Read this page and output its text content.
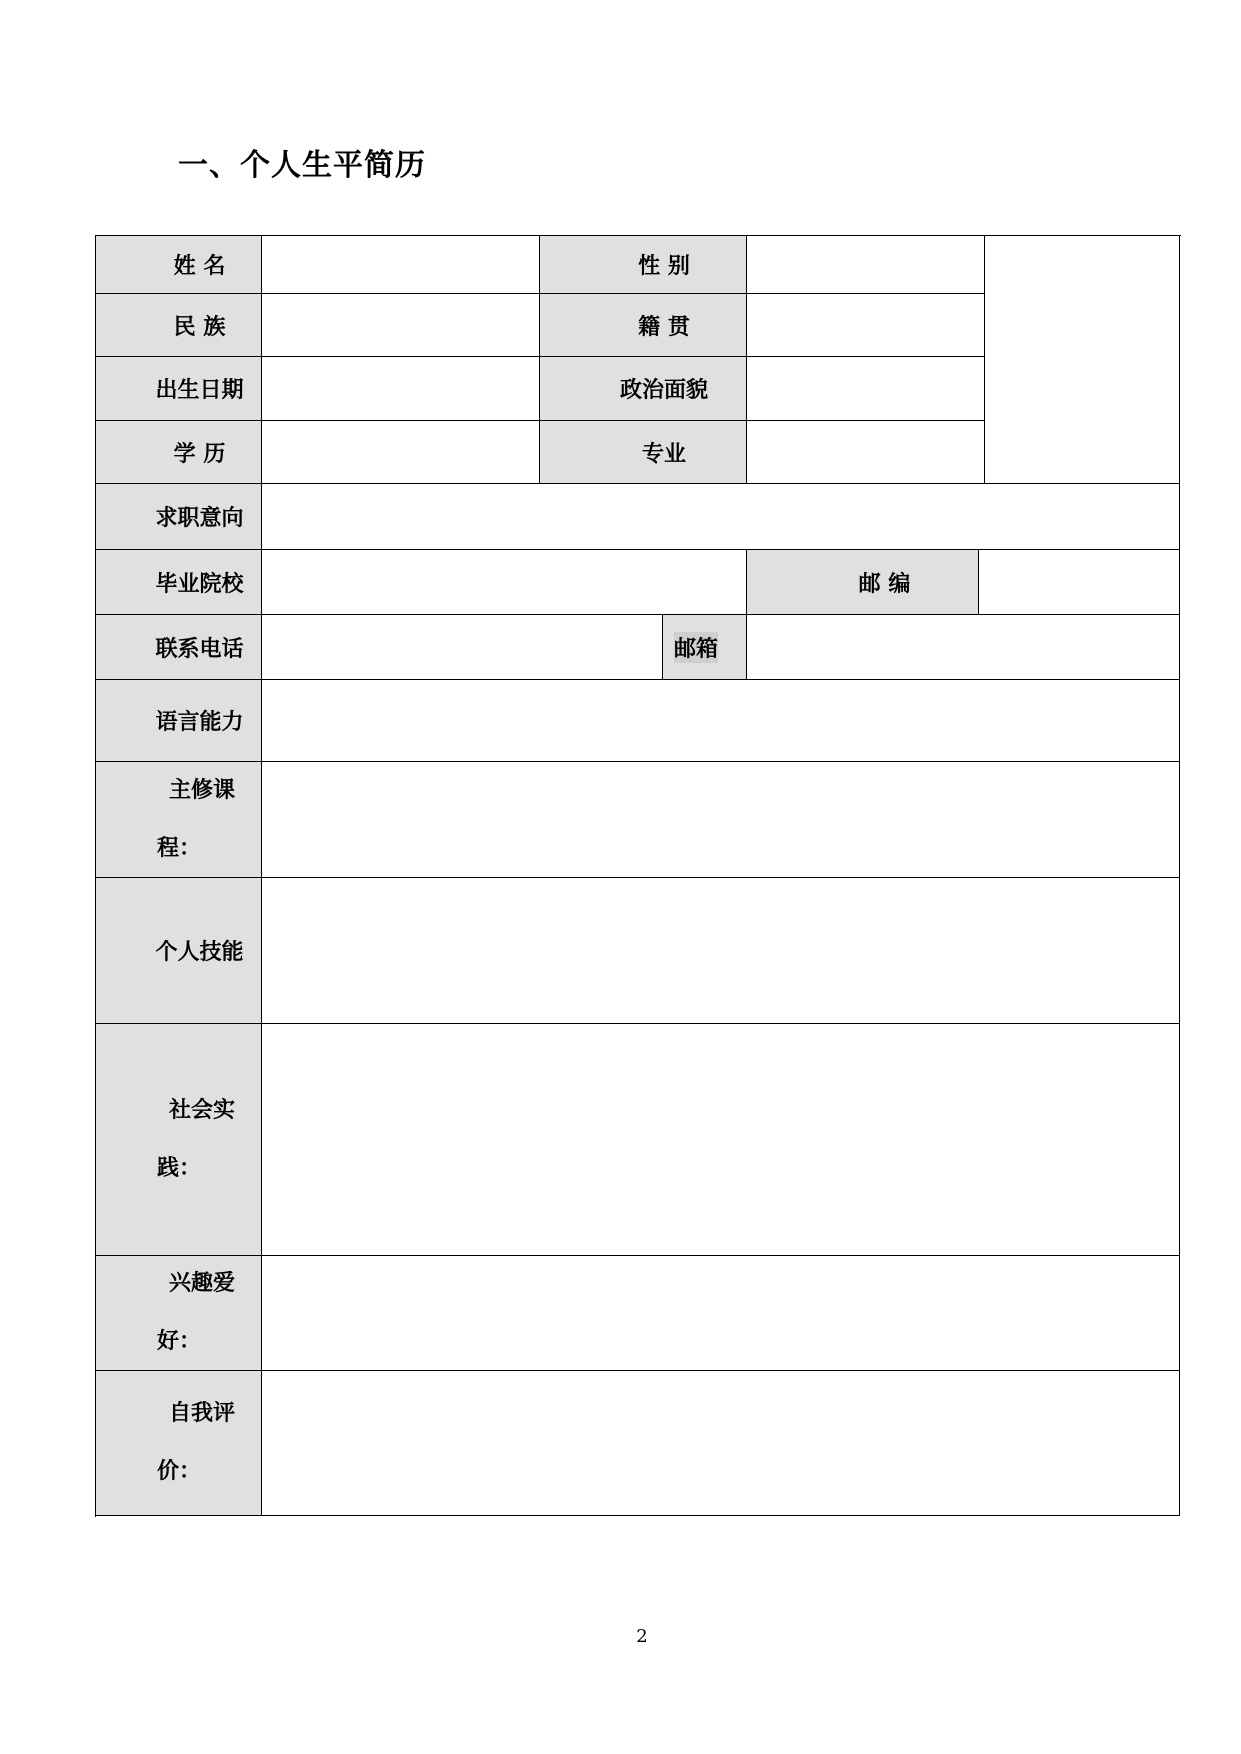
一、个人生平简历
姓 名	性 别
民 族	籍 贯
出生日期	政治面貌
学 历	专业
求职意向
毕业院校	邮 编
联系电话	邮箱
语言能力
主修课程：
个人技能
社会实践：
兴趣爱好：
自我评价：
2
